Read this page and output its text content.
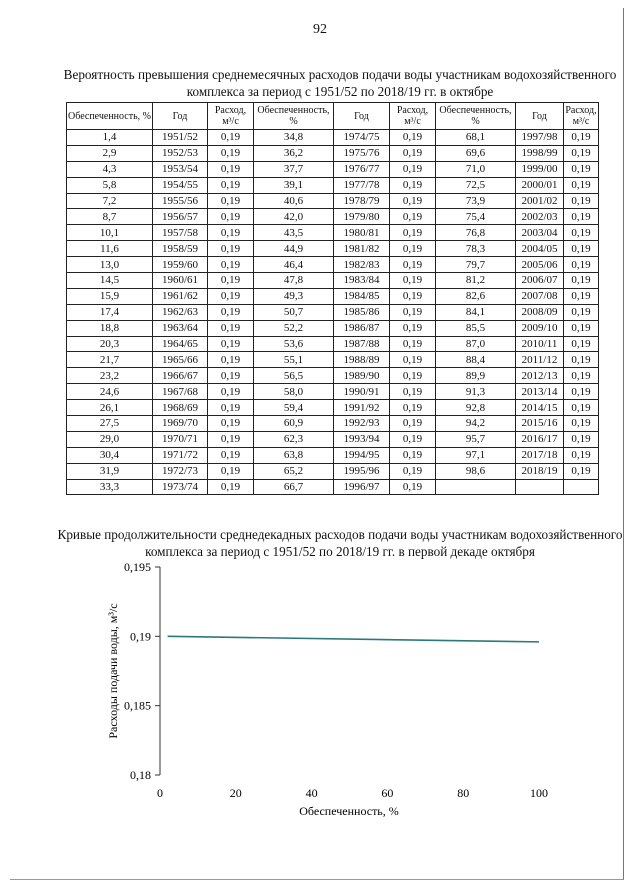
92
Вероятность превышения среднемесячных расходов подачи воды участникам водохозяйственного комплекса за период с 1951/52 по 2018/19 гг. в октябре
Обеспеченность, %	Год	Расход, м³/с	Обеспеченность, %	Год	Расход, м³/с	Обеспеченность, %	Год	Расход, м³/с
1,4	1951/52	0,19	34,8	1974/75	0,19	68,1	1997/98	0,19
2,9	1952/53	0,19	36,2	1975/76	0,19	69,6	1998/99	0,19
4,3	1953/54	0,19	37,7	1976/77	0,19	71,0	1999/00	0,19
5,8	1954/55	0,19	39,1	1977/78	0,19	72,5	2000/01	0,19
7,2	1955/56	0,19	40,6	1978/79	0,19	73,9	2001/02	0,19
8,7	1956/57	0,19	42,0	1979/80	0,19	75,4	2002/03	0,19
10,1	1957/58	0,19	43,5	1980/81	0,19	76,8	2003/04	0,19
11,6	1958/59	0,19	44,9	1981/82	0,19	78,3	2004/05	0,19
13,0	1959/60	0,19	46,4	1982/83	0,19	79,7	2005/06	0,19
14,5	1960/61	0,19	47,8	1983/84	0,19	81,2	2006/07	0,19
15,9	1961/62	0,19	49,3	1984/85	0,19	82,6	2007/08	0,19
17,4	1962/63	0,19	50,7	1985/86	0,19	84,1	2008/09	0,19
18,8	1963/64	0,19	52,2	1986/87	0,19	85,5	2009/10	0,19
20,3	1964/65	0,19	53,6	1987/88	0,19	87,0	2010/11	0,19
21,7	1965/66	0,19	55,1	1988/89	0,19	88,4	2011/12	0,19
23,2	1966/67	0,19	56,5	1989/90	0,19	89,9	2012/13	0,19
24,6	1967/68	0,19	58,0	1990/91	0,19	91,3	2013/14	0,19
26,1	1968/69	0,19	59,4	1991/92	0,19	92,8	2014/15	0,19
27,5	1969/70	0,19	60,9	1992/93	0,19	94,2	2015/16	0,19
29,0	1970/71	0,19	62,3	1993/94	0,19	95,7	2016/17	0,19
30,4	1971/72	0,19	63,8	1994/95	0,19	97,1	2017/18	0,19
31,9	1972/73	0,19	65,2	1995/96	0,19	98,6	2018/19	0,19
33,3	1973/74	0,19	66,7	1996/97	0,19			
Кривые продолжительности среднедекадных расходов подачи воды участникам водохозяйственного комплекса за период с 1951/52 по 2018/19 гг. в первой декаде октября
0,18
0,185
0,19
0,195
0	20	40	60	80	100
Обеспеченность, %
Расходы подачи воды, м³/с
